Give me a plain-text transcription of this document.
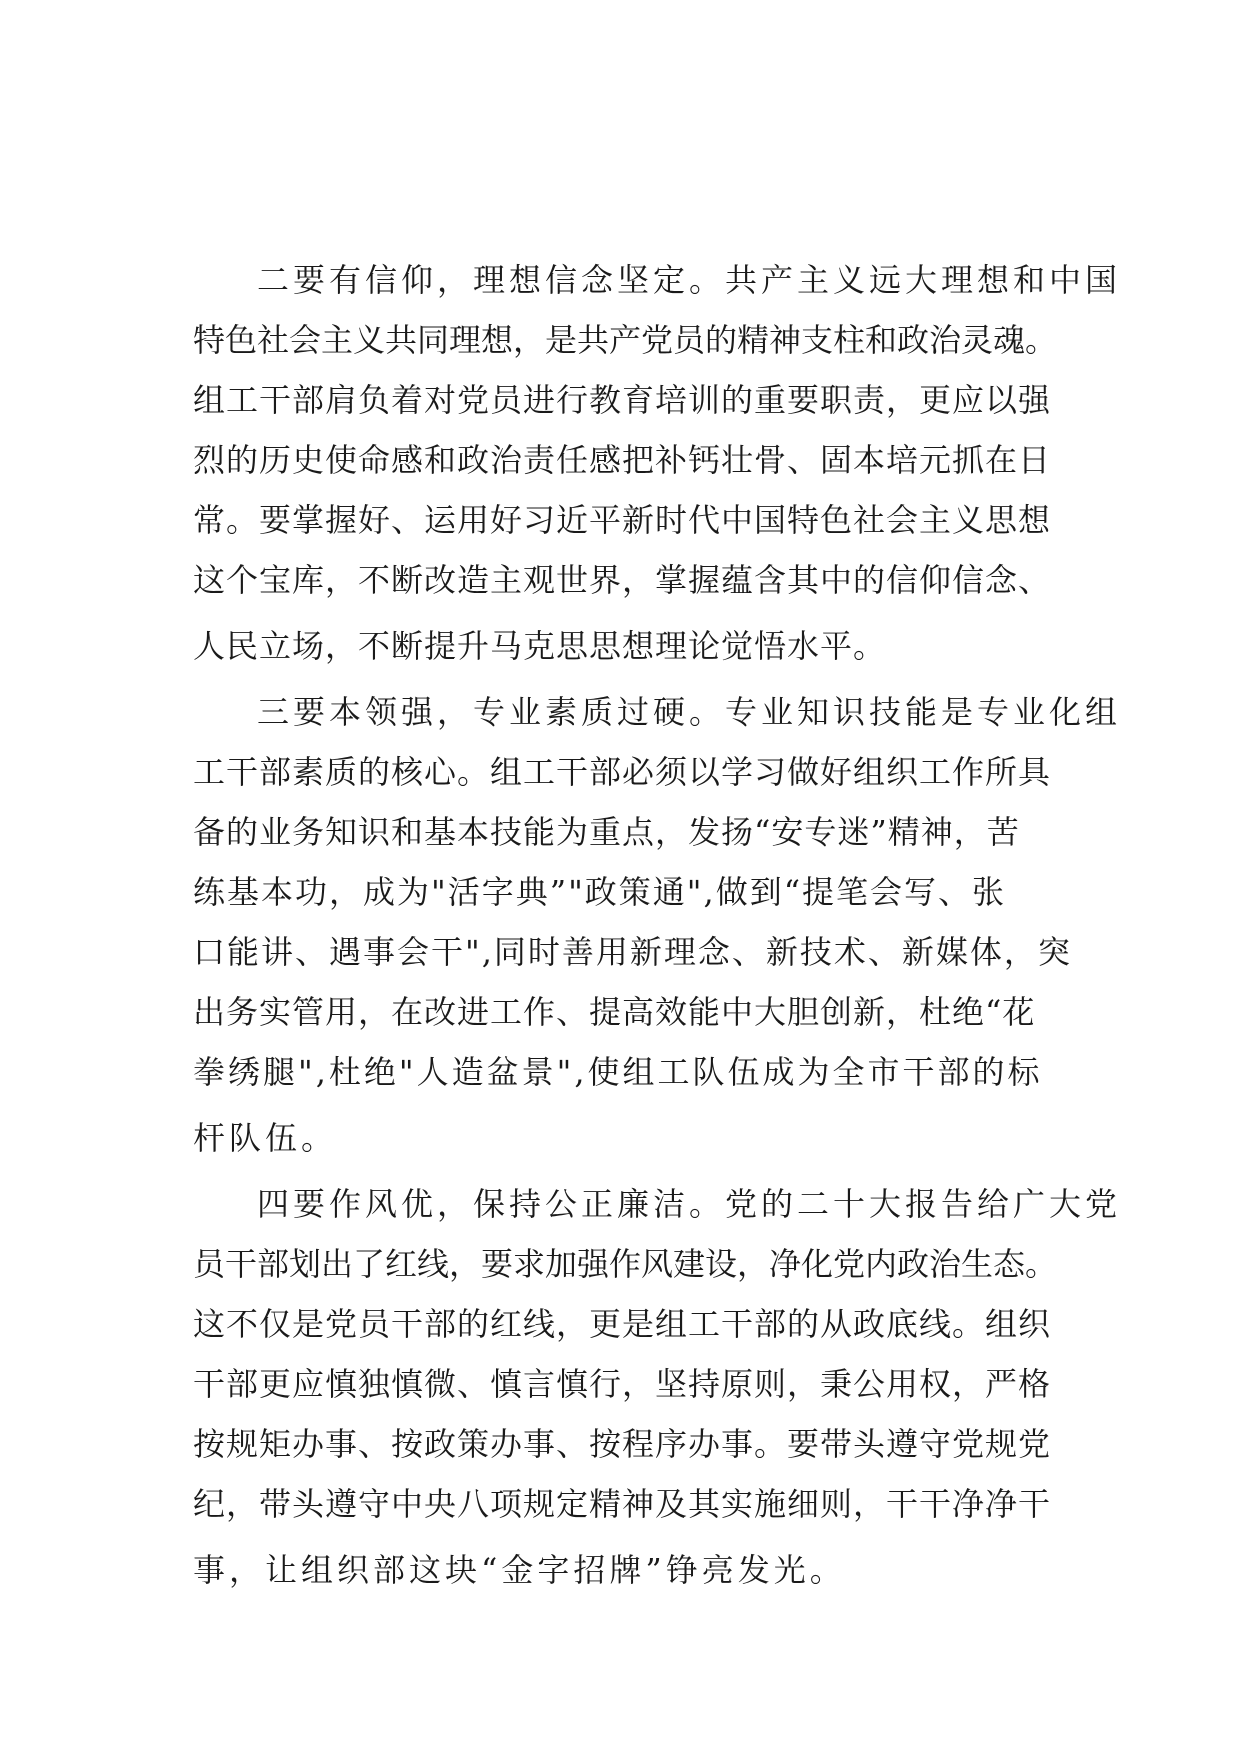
二要有信仰，理想信念坚定。共产主义远大理想和中国
特色社会主义共同理想，是共产党员的精神支柱和政治灵魂。
组工干部肩负着对党员进行教育培训的重要职责，更应以强
烈的历史使命感和政治责任感把补钙壮骨、固本培元抓在日
常。要掌握好、运用好习近平新时代中国特色社会主义思想
这个宝库，不断改造主观世界，掌握蕴含其中的信仰信念、
人民立场，不断提升马克思思想理论觉悟水平。
三要本领强，专业素质过硬。专业知识技能是专业化组
工干部素质的核心。组工干部必须以学习做好组织工作所具
备的业务知识和基本技能为重点，发扬“安专迷”精神，苦
练基本功，成为"活字典”"政策通",做到“提笔会写、张
口能讲、遇事会干",同时善用新理念、新技术、新媒体，突
出务实管用，在改进工作、提高效能中大胆创新，杜绝“花
拳绣腿",杜绝"人造盆景",使组工队伍成为全市干部的标
杆队伍。
四要作风优，保持公正廉洁。党的二十大报告给广大党
员干部划出了红线，要求加强作风建设，净化党内政治生态。
这不仅是党员干部的红线，更是组工干部的从政底线。组织
干部更应慎独慎微、慎言慎行，坚持原则，秉公用权，严格
按规矩办事、按政策办事、按程序办事。要带头遵守党规党
纪，带头遵守中央八项规定精神及其实施细则，干干净净干
事，让组织部这块“金字招牌”铮亮发光。
